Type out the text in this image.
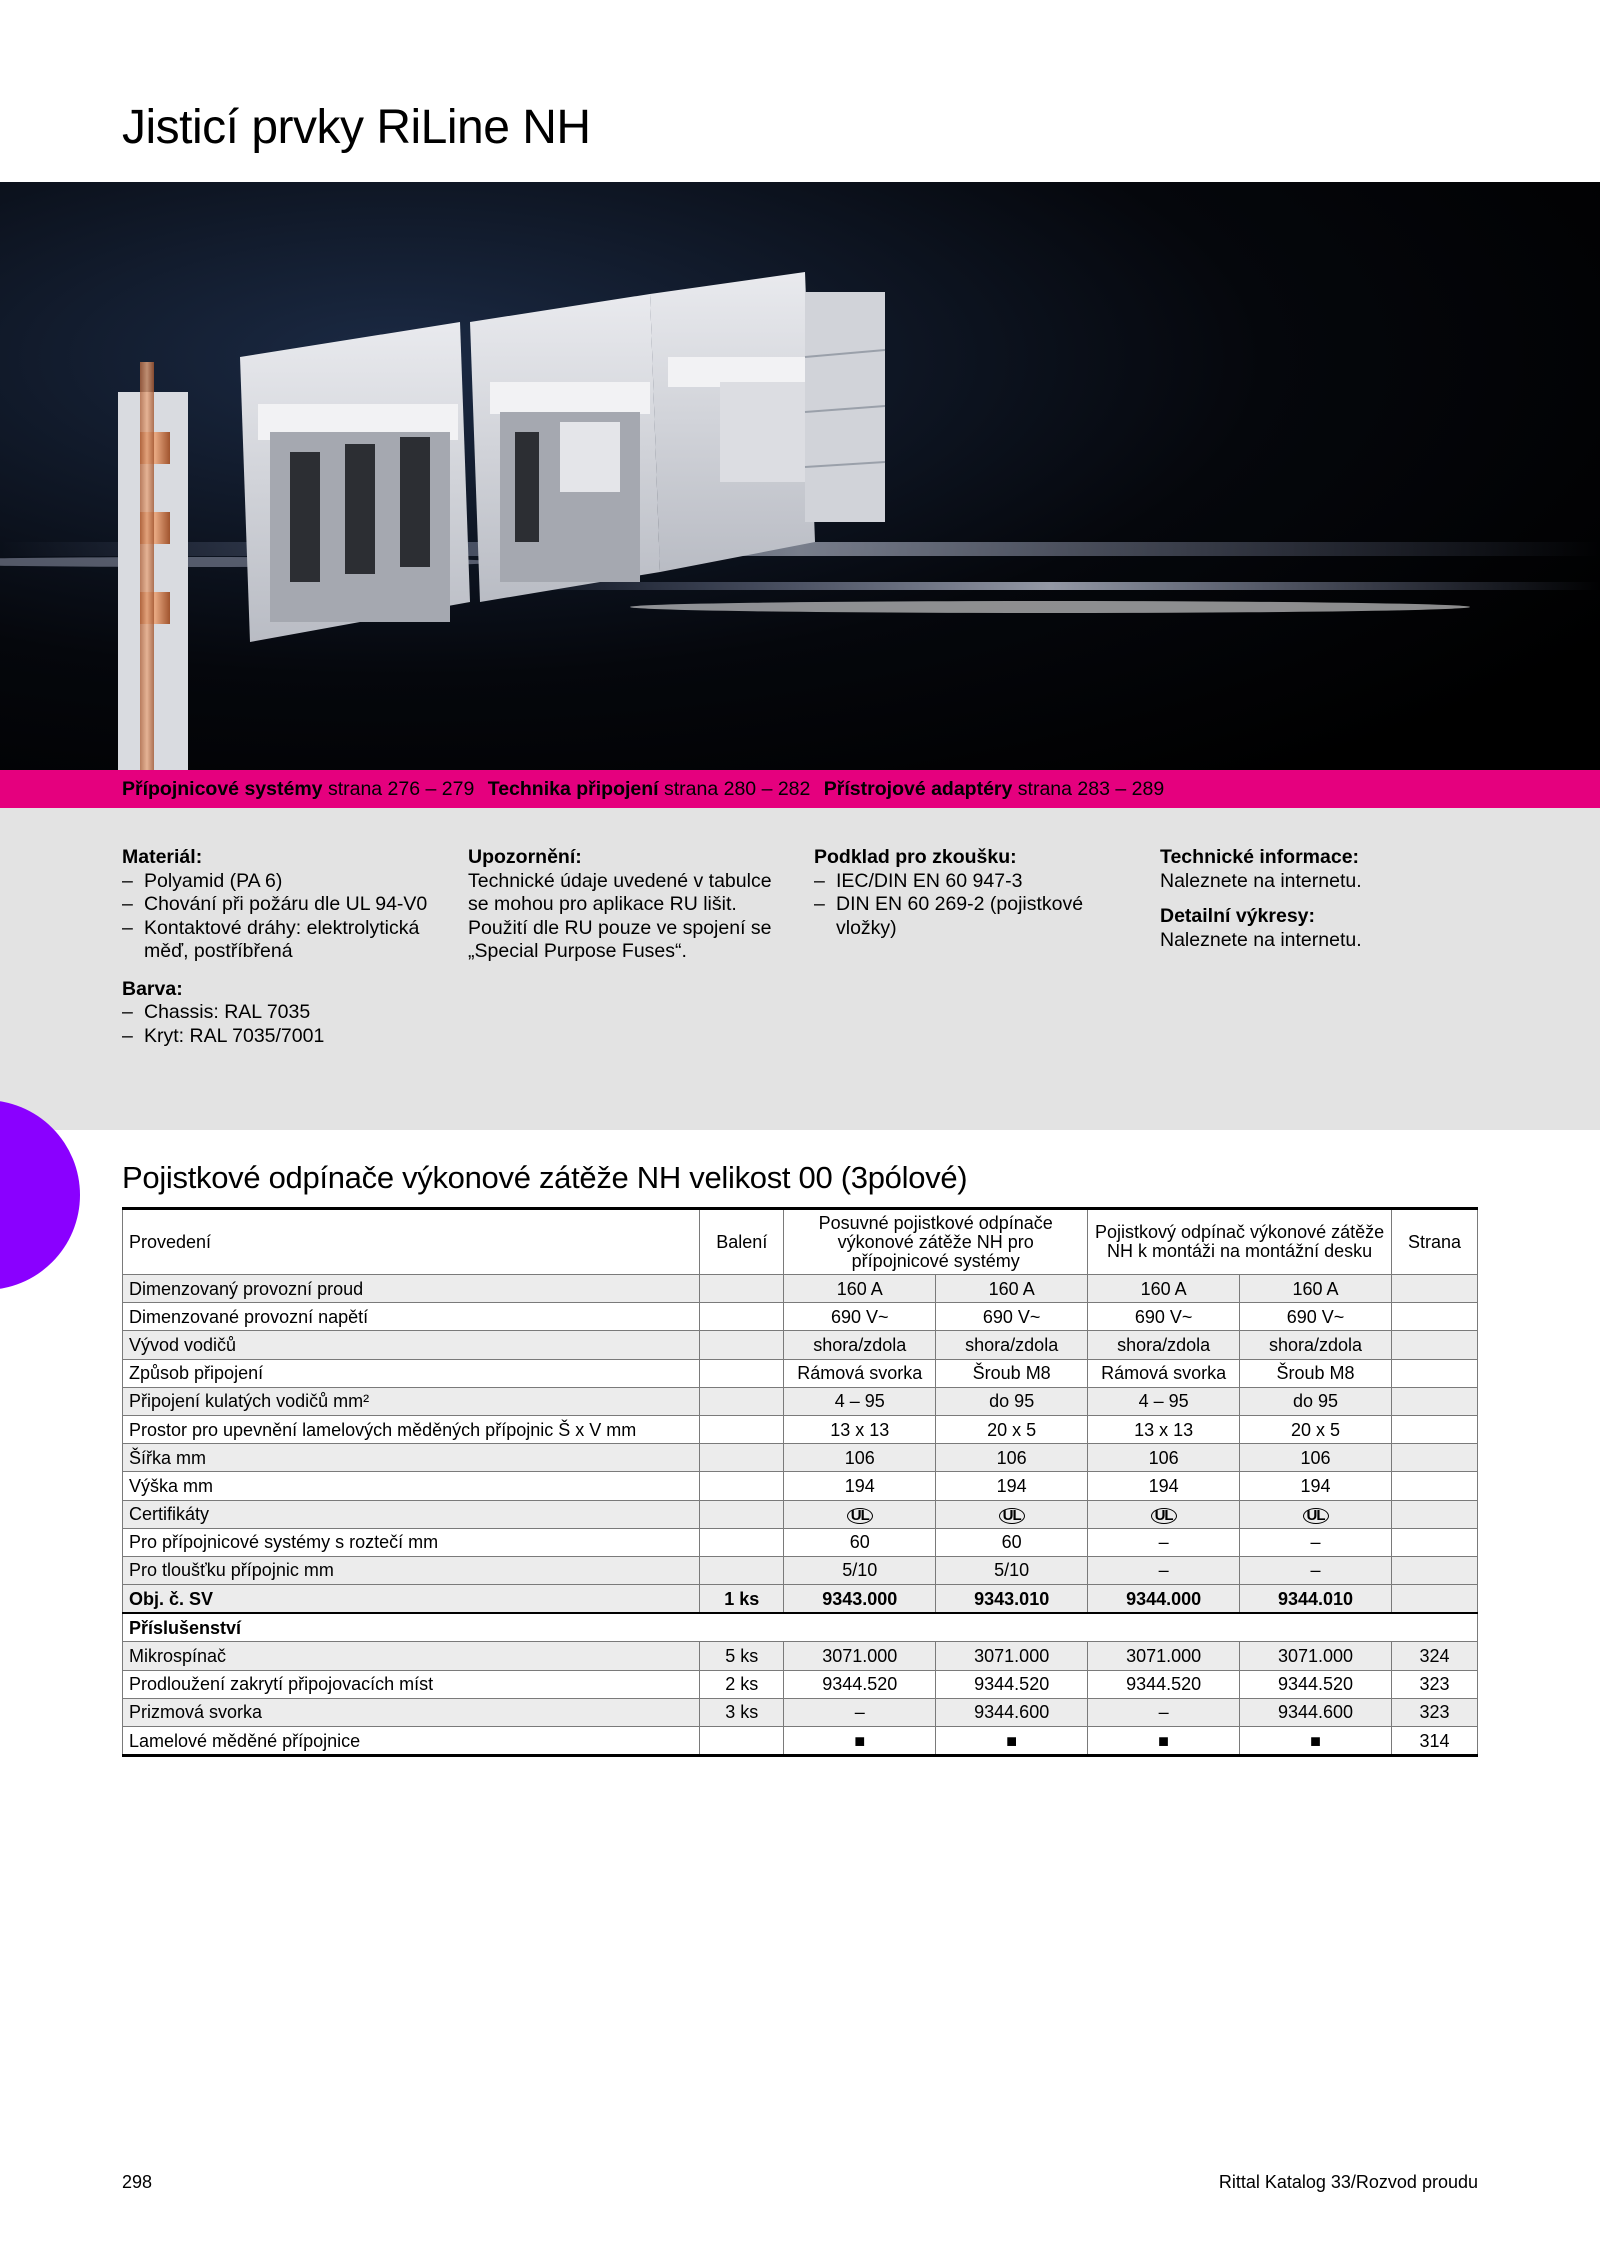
Jisticí prvky RiLine NH
Přípojnicové systémy strana 276 – 279 Technika připojení strana 280 – 282 Přístrojové adaptéry strana 283 – 289
Materiál:
– Polyamid (PA 6)
– Chování při požáru dle UL 94-V0
– Kontaktové dráhy: elektrolytická měď, postříbřená
Barva:
– Chassis: RAL 7035
– Kryt: RAL 7035/7001
Upozornění:

Technické údaje uvedené v tabulce se mohou pro aplikace RU lišit.

Použití dle RU pouze ve spojení se „Special Purpose Fuses“.

Podklad pro zkoušku:
– IEC/DIN EN 60 947-3
– DIN EN 60 269-2 (pojistkové vložky)
Technické informace:

Naleznete na internetu.

Detailní výkresy:

Naleznete na internetu.

Pojistkové odpínače výkonové zátěže NH velikost 00 (3pólové)
Provedení	Balení	Posuvné pojistkové odpínače výkonové zátěže NH pro přípojnicové systémy		Pojistkový odpínač výkonové zátěže NH k montáži na montážní desku		Strana
Dimenzovaný provozní proud		160 A	160 A	160 A	160 A	
Dimenzované provozní napětí		690 V~	690 V~	690 V~	690 V~	
Vývod vodičů		shora/zdola	shora/zdola	shora/zdola	shora/zdola	
Způsob připojení		Rámová svorka	Šroub M8	Rámová svorka	Šroub M8	
Připojení kulatých vodičů mm²		4 – 95	do 95	4 – 95	do 95	
Prostor pro upevnění lamelových měděných přípojnic Š x V mm		13 x 13	20 x 5	13 x 13	20 x 5	
Šířka mm		106	106	106	106	
Výška mm		194	194	194	194	
Certifikáty		UL	UL	UL	UL	
Pro přípojnicové systémy s roztečí mm		60	60	–	–	
Pro tloušťku přípojnic mm		5/10	5/10	–	–	
Obj. č. SV	1 ks	9343.000	9343.010	9344.000	9344.010	
Příslušenství						
Mikrospínač	5 ks	3071.000	3071.000	3071.000	3071.000	324
Prodloužení zakrytí připojovacích míst	2 ks	9344.520	9344.520	9344.520	9344.520	323
Prizmová svorka	3 ks	–	9344.600	–	9344.600	323
Lamelové měděné přípojnice		■	■	■	■	314
298	Rittal Katalog 33/Rozvod proudu
